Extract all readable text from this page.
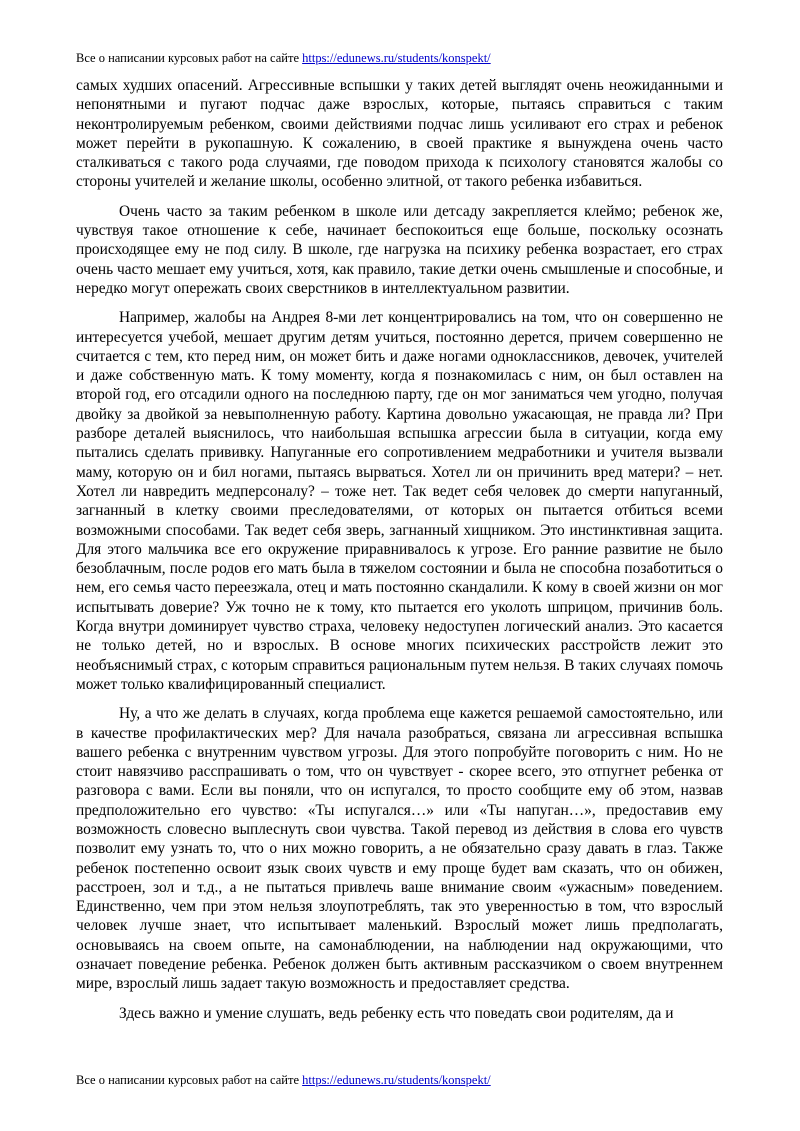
Все о написании курсовых работ на сайте https://edunews.ru/students/konspekt/

самых худших опасений. Агрессивные вспышки у таких детей выглядят очень неожиданными и непонятными и пугают подчас даже взрослых, которые, пытаясь справиться с таким неконтролируемым ребенком, своими действиями подчас лишь усиливают его страх и ребенок может перейти в рукопашную. К сожалению, в своей практике я вынуждена очень часто сталкиваться с такого рода случаями, где поводом прихода к психологу становятся жалобы со стороны учителей и желание школы, особенно элитной, от такого ребенка избавиться.

Очень часто за таким ребенком в школе или детсаду закрепляется клеймо; ребенок же, чувствуя такое отношение к себе, начинает беспокоиться еще больше, поскольку осознать происходящее ему не под силу. В школе, где нагрузка на психику ребенка возрастает, его страх очень часто мешает ему учиться, хотя, как правило, такие детки очень смышленые и способные, и нередко могут опережать своих сверстников в интеллектуальном развитии.

Например, жалобы на Андрея 8-ми лет концентрировались на том, что он совершенно не интересуется учебой, мешает другим детям учиться, постоянно дерется, причем совершенно не считается с тем, кто перед ним, он может бить и даже ногами одноклассников, девочек, учителей и даже собственную мать. К тому моменту, когда я познакомилась с ним, он был оставлен на второй год, его отсадили одного на последнюю парту, где он мог заниматься чем угодно, получая двойку за двойкой за невыполненную работу. Картина довольно ужасающая, не правда ли? При разборе деталей выяснилось, что наибольшая вспышка агрессии была в ситуации, когда ему пытались сделать прививку. Напуганные его сопротивлением медработники и учителя вызвали маму, которую он и бил ногами, пытаясь вырваться. Хотел ли он причинить вред матери? – нет. Хотел ли навредить медперсоналу? – тоже нет. Так ведет себя человек до смерти напуганный, загнанный в клетку своими преследователями, от которых он пытается отбиться всеми возможными способами. Так ведет себя зверь, загнанный хищником. Это инстинктивная защита. Для этого мальчика все его окружение приравнивалось к угрозе. Его ранние развитие не было безоблачным, после родов его мать была в тяжелом состоянии и была не способна позаботиться о нем, его семья часто переезжала, отец и мать постоянно скандалили. К кому в своей жизни он мог испытывать доверие? Уж точно не к тому, кто пытается его уколоть шприцом, причинив боль. Когда внутри доминирует чувство страха, человеку недоступен логический анализ. Это касается не только детей, но и взрослых. В основе многих психических расстройств лежит это необъяснимый страх, с которым справиться рациональным путем нельзя. В таких случаях помочь может только квалифицированный специалист.

Ну, а что же делать в случаях, когда проблема еще кажется решаемой самостоятельно, или в качестве профилактических мер? Для начала разобраться, связана ли агрессивная вспышка вашего ребенка с внутренним чувством угрозы. Для этого попробуйте поговорить с ним. Но не стоит навязчиво расспрашивать о том, что он чувствует - скорее всего, это отпугнет ребенка от разговора с вами. Если вы поняли, что он испугался, то просто сообщите ему об этом, назвав предположительно его чувство: «Ты испугался…» или «Ты напуган…», предоставив ему возможность словесно выплеснуть свои чувства. Такой перевод из действия в слова его чувств позволит ему узнать то, что о них можно говорить, а не обязательно сразу давать в глаз. Также ребенок постепенно освоит язык своих чувств и ему проще будет вам сказать, что он обижен, расстроен, зол и т.д., а не пытаться привлечь ваше внимание своим «ужасным» поведением. Единственно, чем при этом нельзя злоупотреблять, так это уверенностью в том, что взрослый человек лучше знает, что испытывает маленький. Взрослый может лишь предполагать, основываясь на своем опыте, на самонаблюдении, на наблюдении над окружающими, что означает поведение ребенка. Ребенок должен быть активным рассказчиком о своем внутреннем мире, взрослый лишь задает такую возможность и предоставляет средства.

Здесь важно и умение слушать, ведь ребенку есть что поведать свои родителям, да и

Все о написании курсовых работ на сайте https://edunews.ru/students/konspekt/
